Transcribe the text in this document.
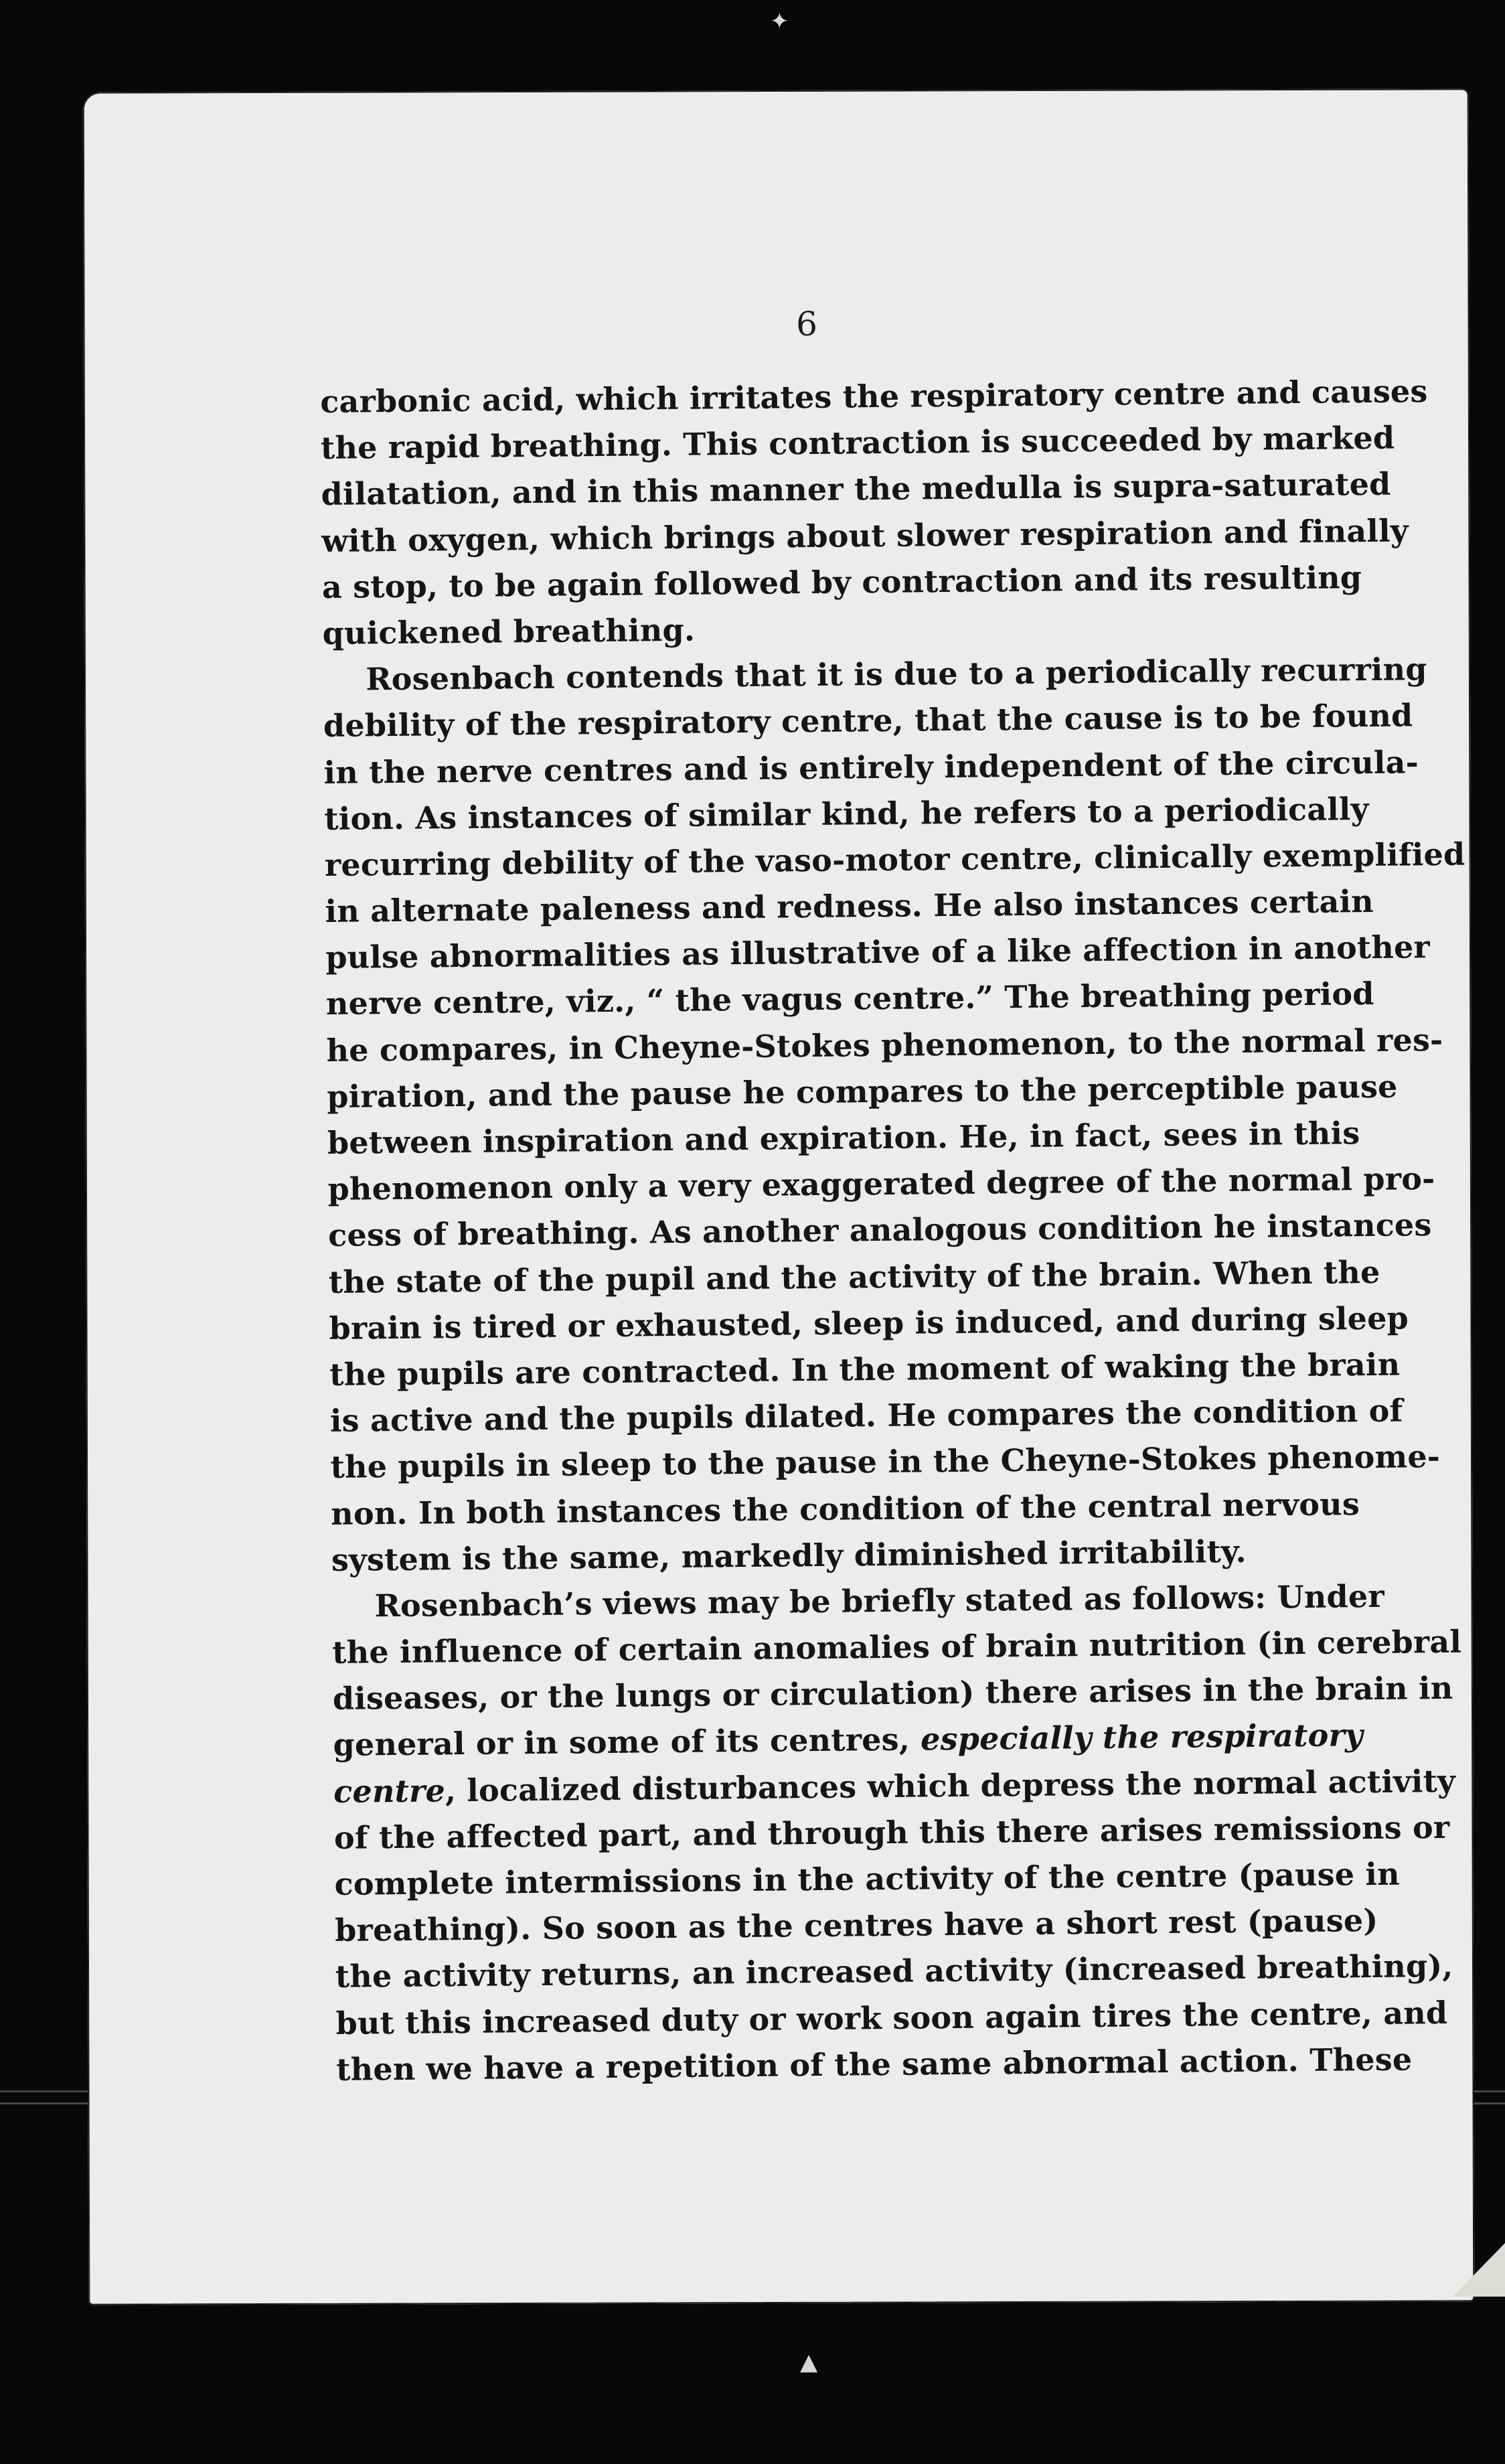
✦
▲
6
carbonic acid, which irritates the respiratory centre and causes
the rapid breathing. This contraction is succeeded by marked
dilatation, and in this manner the medulla is supra-saturated
with oxygen, which brings about slower respiration and finally
a stop, to be again followed by contraction and its resulting
quickened breathing.
Rosenbach contends that it is due to a periodically recurring
debility of the respiratory centre, that the cause is to be found
in the nerve centres and is entirely independent of the circula-
tion. As instances of similar kind, he refers to a periodically
recurring debility of the vaso-motor centre, clinically exemplified
in alternate paleness and redness. He also instances certain
pulse abnormalities as illustrative of a like affection in another
nerve centre, viz., “ the vagus centre.” The breathing period
he compares, in Cheyne-Stokes phenomenon, to the normal res-
piration, and the pause he compares to the perceptible pause
between inspiration and expiration. He, in fact, sees in this
phenomenon only a very exaggerated degree of the normal pro-
cess of breathing. As another analogous condition he instances
the state of the pupil and the activity of the brain. When the
brain is tired or exhausted, sleep is induced, and during sleep
the pupils are contracted. In the moment of waking the brain
is active and the pupils dilated. He compares the condition of
the pupils in sleep to the pause in the Cheyne-Stokes phenome-
non. In both instances the condition of the central nervous
system is the same, markedly diminished irritability.
Rosenbach’s views may be briefly stated as follows: Under
the influence of certain anomalies of brain nutrition (in cerebral
diseases, or the lungs or circulation) there arises in the brain in
general or in some of its centres, especially the respiratory
centre, localized disturbances which depress the normal activity
of the affected part, and through this there arises remissions or
complete intermissions in the activity of the centre (pause in
breathing). So soon as the centres have a short rest (pause)
the activity returns, an increased activity (increased breathing),
but this increased duty or work soon again tires the centre, and
then we have a repetition of the same abnormal action. These
